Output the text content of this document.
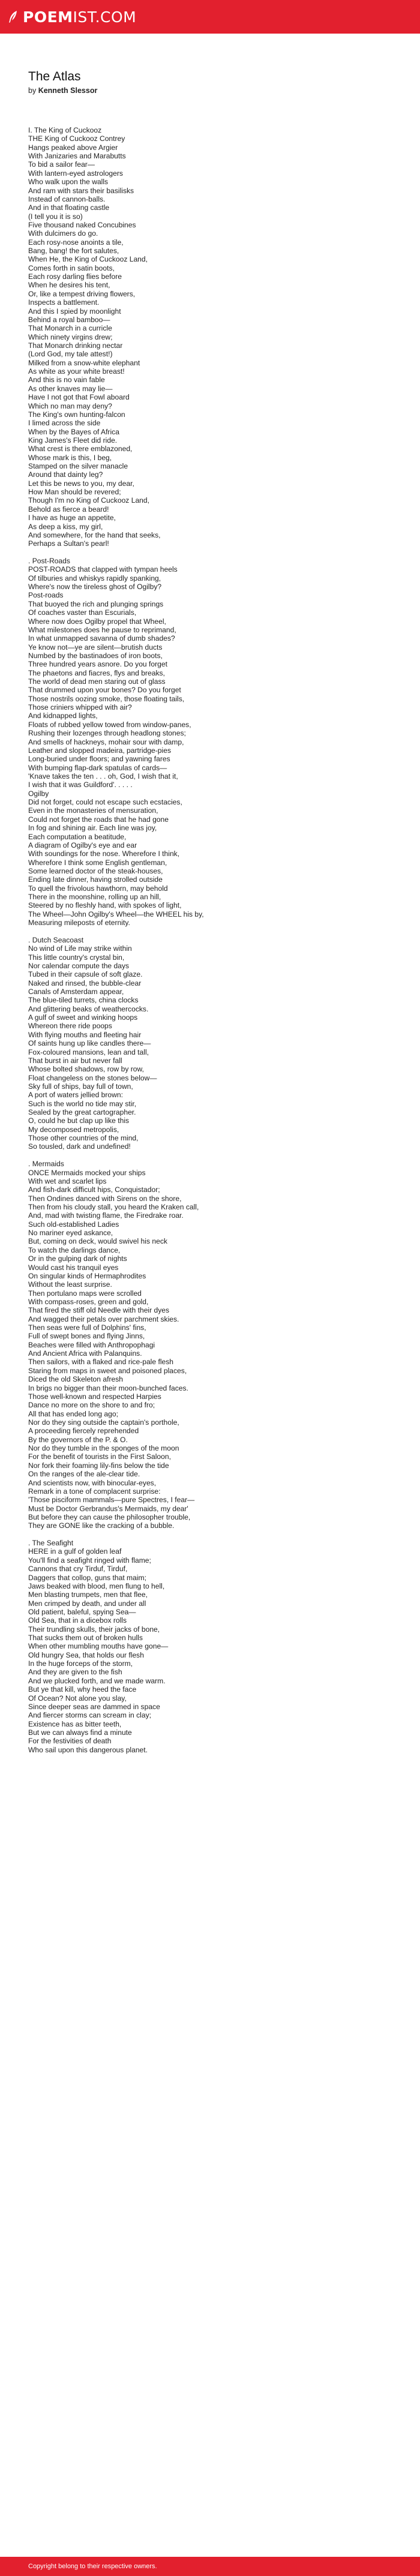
POEMIST.COM
The Atlas
by Kenneth Slessor
I. The King of Cuckooz
THE King of Cuckooz Contrey
Hangs peaked above Argier
With Janizaries and Marabutts
To bid a sailor fear—
With lantern-eyed astrologers
Who walk upon the walls
And ram with stars their basilisks
Instead of cannon-balls.
And in that floating castle
(I tell you it is so)
Five thousand naked Concubines
With dulcimers do go.
Each rosy-nose anoints a tile,
Bang, bang! the fort salutes,
When He, the King of Cuckooz Land,
Comes forth in satin boots,
Each rosy darling flies before
When he desires his tent,
Or, like a tempest driving flowers,
Inspects a battlement.
And this I spied by moonlight
Behind a royal bamboo—
That Monarch in a curricle
Which ninety virgins drew;
That Monarch drinking nectar
(Lord God, my tale attest!)
Milked from a snow-white elephant
As white as your white breast!
And this is no vain fable
As other knaves may lie—
Have I not got that Fowl aboard
Which no man may deny?
The King's own hunting-falcon
I limed across the side
When by the Bayes of Africa
King James's Fleet did ride.
What crest is there emblazoned,
Whose mark is this, I beg,
Stamped on the silver manacle
Around that dainty leg?
Let this be news to you, my dear,
How Man should be revered;
Though I'm no King of Cuckooz Land,
Behold as fierce a beard!
I have as huge an appetite,
As deep a kiss, my girl,
And somewhere, for the hand that seeks,
Perhaps a Sultan's pearl!
. Post-Roads
POST-ROADS that clapped with tympan heels
Of tilburies and whiskys rapidly spanking,
Where's now the tireless ghost of Ogilby?
Post-roads
That buoyed the rich and plunging springs
Of coaches vaster than Escurials,
Where now does Ogilby propel that Wheel,
What milestones does he pause to reprimand,
In what unmapped savanna of dumb shades?
Ye know not—ye are silent—brutish ducts
Numbed by the bastinadoes of iron boots,
Three hundred years asnore. Do you forget
The phaetons and fiacres, flys and breaks,
The world of dead men staring out of glass
That drummed upon your bones? Do you forget
Those nostrils oozing smoke, those floating tails,
Those criniers whipped with air?
And kidnapped lights,
Floats of rubbed yellow towed from window-panes,
Rushing their lozenges through headlong stones;
And smells of hackneys, mohair sour with damp,
Leather and slopped madeira, partridge-pies
Long-buried under floors; and yawning fares
With bumping flap-dark spatulas of cards—
'Knave takes the ten . . . oh, God, I wish that it,
I wish that it was Guildford'. . . . .
Ogilby
Did not forget, could not escape such ecstacies,
Even in the monasteries of mensuration,
Could not forget the roads that he had gone
In fog and shining air. Each line was joy,
Each computation a beatitude,
A diagram of Ogilby's eye and ear
With soundings for the nose. Wherefore I think,
Wherefore I think some English gentleman,
Some learned doctor of the steak-houses,
Ending late dinner, having strolled outside
To quell the frivolous hawthorn, may behold
There in the moonshine, rolling up an hill,
Steered by no fleshly hand, with spokes of light,
The Wheel—John Ogilby's Wheel—the WHEEL his by,
Measuring mileposts of eternity.
. Dutch Seacoast
No wind of Life may strike within
This little country's crystal bin,
Nor calendar compute the days
Tubed in their capsule of soft glaze.
Naked and rinsed, the bubble-clear
Canals of Amsterdam appear,
The blue-tiled turrets, china clocks
And glittering beaks of weathercocks.
A gulf of sweet and winking hoops
Whereon there ride poops
With flying mouths and fleeting hair
Of saints hung up like candles there—
Fox-coloured mansions, lean and tall,
That burst in air but never fall
Whose bolted shadows, row by row,
Float changeless on the stones below—
Sky full of ships, bay full of town,
A port of waters jellied brown:
Such is the world no tide may stir,
Sealed by the great cartographer.
O, could he but clap up like this
My decomposed metropolis,
Those other countries of the mind,
So tousled, dark and undefined!
. Mermaids
ONCE Mermaids mocked your ships
With wet and scarlet lips
And fish-dark difficult hips, Conquistador;
Then Ondines danced with Sirens on the shore,
Then from his cloudy stall, you heard the Kraken call,
And, mad with twisting flame, the Firedrake roar.
Such old-established Ladies
No mariner eyed askance,
But, coming on deck, would swivel his neck
To watch the darlings dance,
Or in the gulping dark of nights
Would cast his tranquil eyes
On singular kinds of Hermaphrodites
Without the least surprise.
Then portulano maps were scrolled
With compass-roses, green and gold,
That fired the stiff old Needle with their dyes
And wagged their petals over parchment skies.
Then seas were full of Dolphins' fins,
Full of swept bones and flying Jinns,
Beaches were filled with Anthropophagi
And Ancient Africa with Palanquins.
Then sailors, with a flaked and rice-pale flesh
Staring from maps in sweet and poisoned places,
Diced the old Skeleton afresh
In brigs no bigger than their moon-bunched faces.
Those well-known and respected Harpies
Dance no more on the shore to and fro;
All that has ended long ago;
Nor do they sing outside the captain's porthole,
A proceeding fiercely reprehended
By the governors of the P. & O.
Nor do they tumble in the sponges of the moon
For the benefit of tourists in the First Saloon,
Nor fork their foaming lily-fins below the tide
On the ranges of the ale-clear tide.
And scientists now, with binocular-eyes,
Remark in a tone of complacent surprise:
'Those pisciform mammals—pure Spectres, I fear—
Must be Doctor Gerbrandus's Mermaids, my dear'
But before they can cause the philosopher trouble,
They are GONE like the cracking of a bubble.
. The Seafight
HERE in a gulf of golden leaf
You'll find a seafight ringed with flame;
Cannons that cry Tirduf, Tirduf,
Daggers that collop, guns that maim;
Jaws beaked with blood, men flung to hell,
Men blasting trumpets, men that flee,
Men crimped by death, and under all
Old patient, baleful, spying Sea—
Old Sea, that in a dicebox rolls
Their trundling skulls, their jacks of bone,
That sucks them out of broken hulls
When other mumbling mouths have gone—
Old hungry Sea, that holds our flesh
In the huge forceps of the storm,
And they are given to the fish
And we plucked forth, and we made warm.
But ye that kill, why heed the face
Of Ocean? Not alone you slay,
Since deeper seas are dammed in space
And fiercer storms can scream in clay;
Existence has as bitter teeth,
But we can always find a minute
For the festivities of death
Who sail upon this dangerous planet.
Copyright belong to their respective owners.
